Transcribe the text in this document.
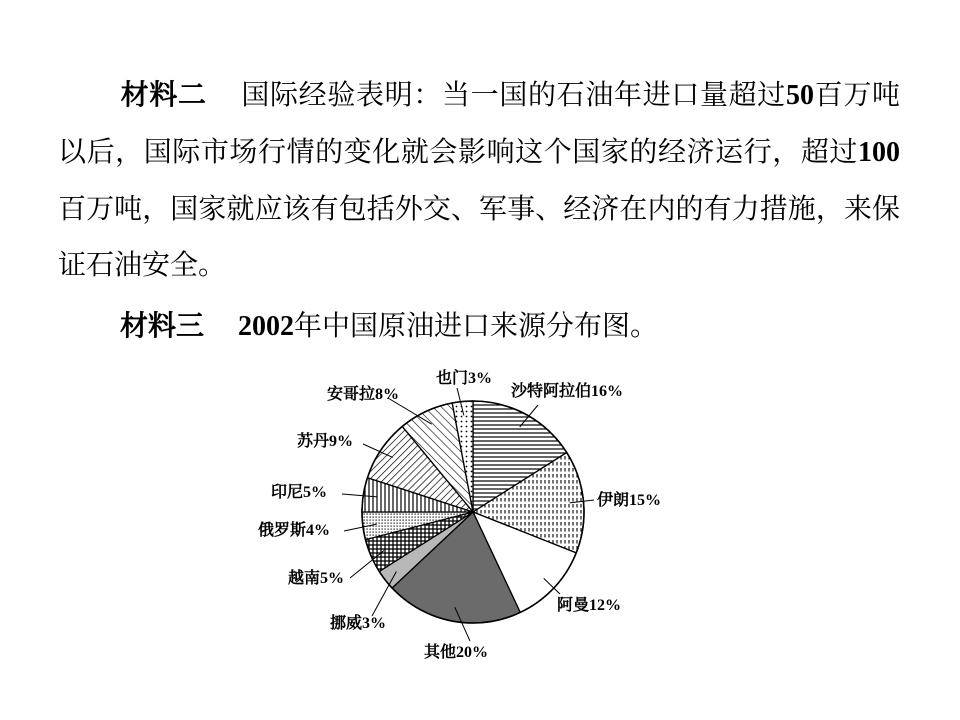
材料二 国际经验表明：当一国的石油年进口量超过50百万吨以后，国际市场行情的变化就会影响这个国家的经济运行，超过100百万吨，国家就应该有包括外交、军事、经济在内的有力措施，来保证石油安全。

材料三 2002年中国原油进口来源分布图。

沙特阿拉伯16%
伊朗15%
阿曼12%
其他20%
挪威3%
越南5%
俄罗斯4%
印尼5%
苏丹9%
安哥拉8%
也门3%
